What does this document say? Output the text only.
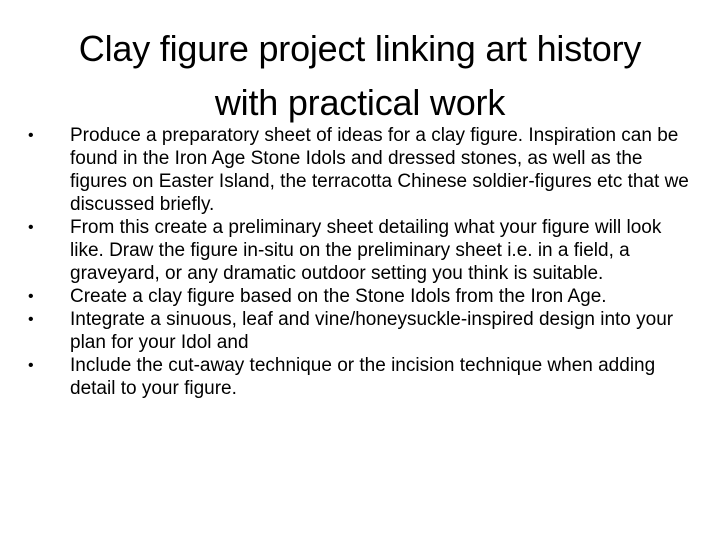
Clay figure project linking art history
with practical work
•	Produce a preparatory sheet of ideas for a clay figure. Inspiration can be found in the Iron Age Stone Idols and dressed stones, as well as the figures on Easter Island, the terracotta Chinese soldier-figures etc that we discussed briefly.
•	From this create a preliminary sheet detailing what your figure will look like. Draw the figure in-situ on the preliminary sheet i.e. in a field, a graveyard, or any dramatic outdoor setting you think is suitable.
•	Create a clay figure based on the Stone Idols from the Iron Age.
•	Integrate a sinuous, leaf and vine/honeysuckle-inspired design into your plan for your Idol and
•	Include the cut-away technique or the incision technique when adding detail to your figure.
